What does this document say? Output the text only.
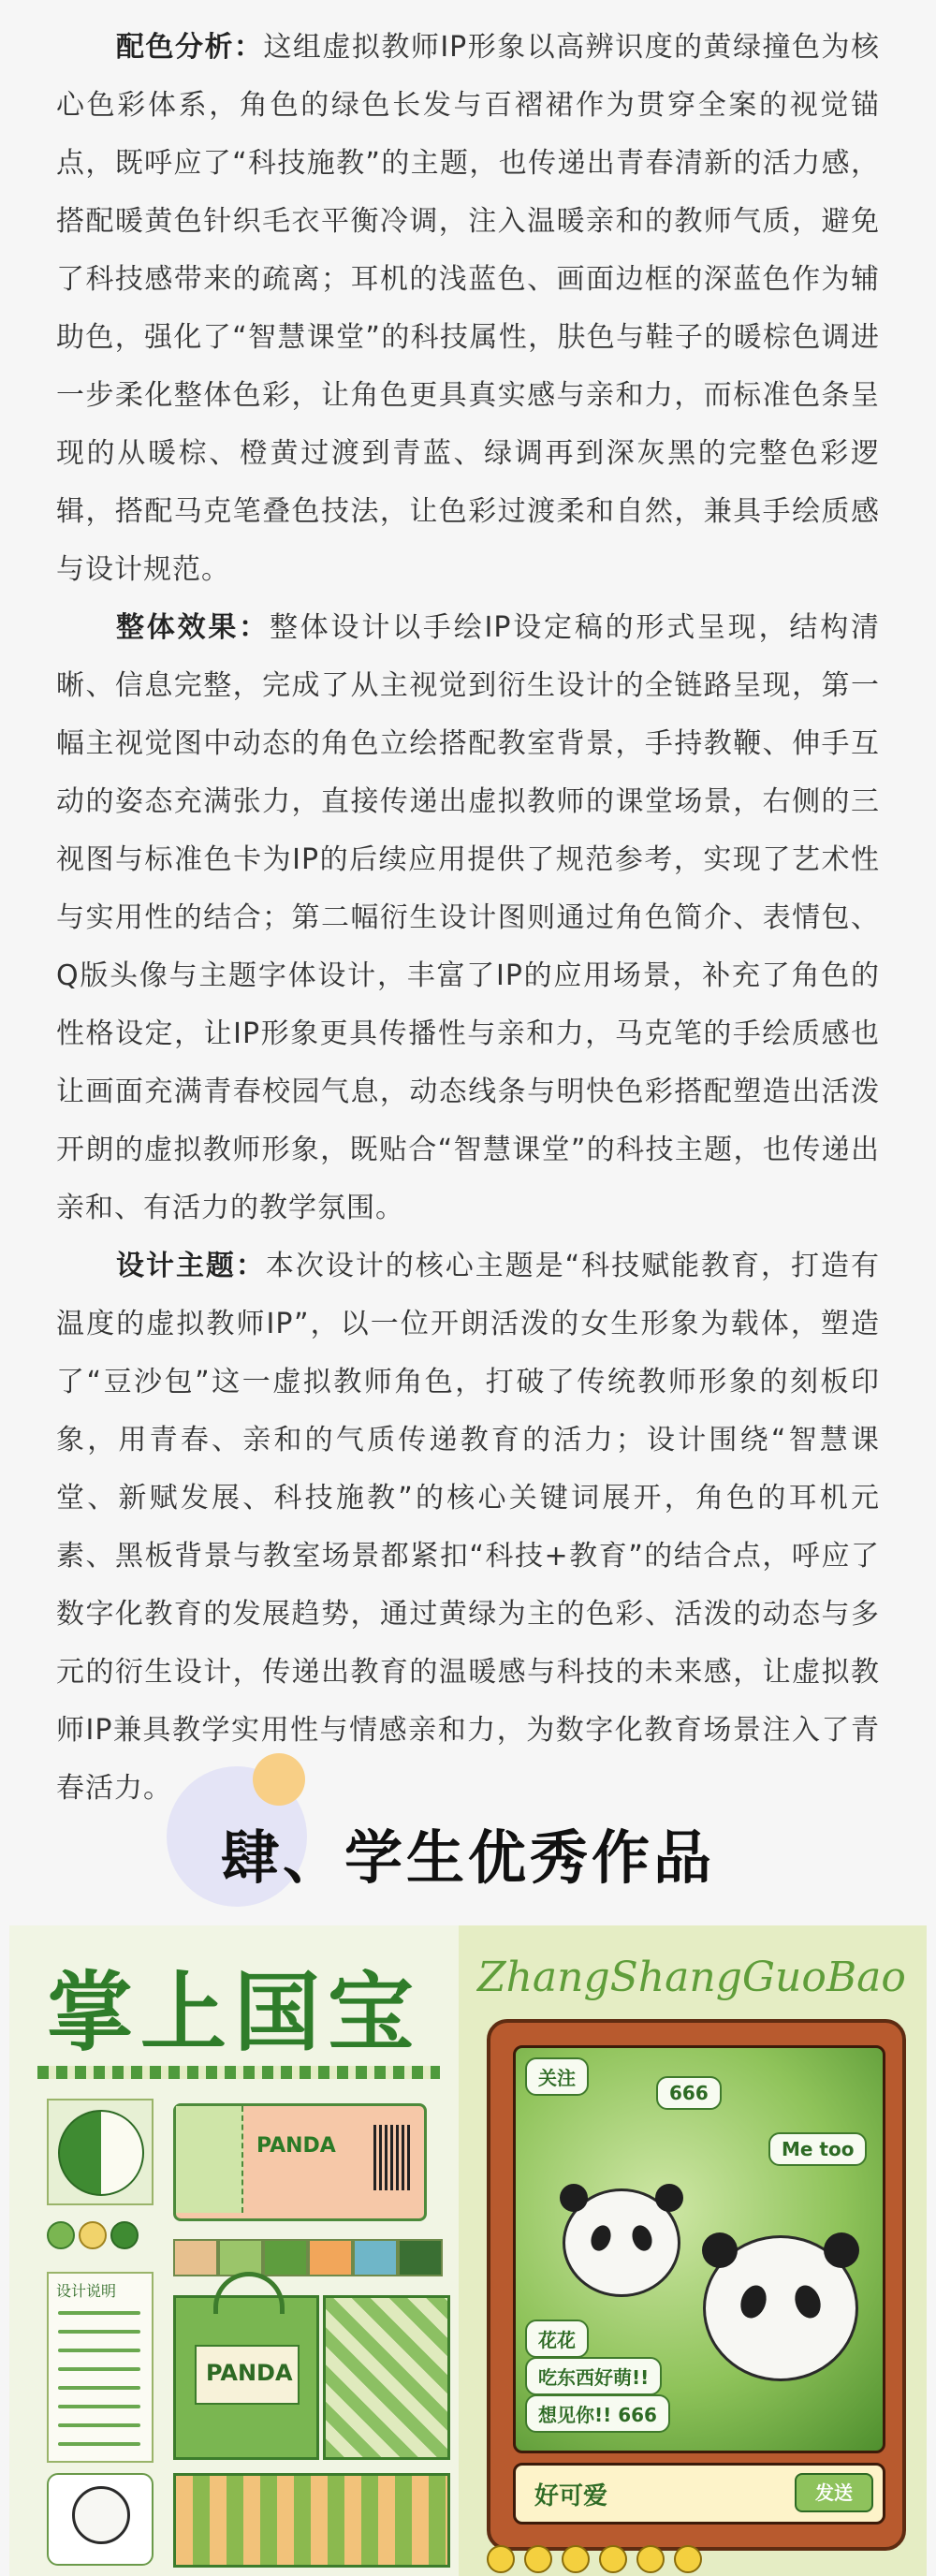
配色分析：这组虚拟教师IP形象以高辨识度的黄绿撞色为核心色彩体系，角色的绿色长发与百褶裙作为贯穿全案的视觉锚点，既呼应了“科技施教”的主题，也传递出青春清新的活力感，搭配暖黄色针织毛衣平衡冷调，注入温暖亲和的教师气质，避免了科技感带来的疏离；耳机的浅蓝色、画面边框的深蓝色作为辅助色，强化了“智慧课堂”的科技属性，肤色与鞋子的暖棕色调进一步柔化整体色彩，让角色更具真实感与亲和力，而标准色条呈现的从暖棕、橙黄过渡到青蓝、绿调再到深灰黑的完整色彩逻辑，搭配马克笔叠色技法，让色彩过渡柔和自然，兼具手绘质感与设计规范。

整体效果：整体设计以手绘IP设定稿的形式呈现，结构清晰、信息完整，完成了从主视觉到衍生设计的全链路呈现，第一幅主视觉图中动态的角色立绘搭配教室背景，手持教鞭、伸手互动的姿态充满张力，直接传递出虚拟教师的课堂场景，右侧的三视图与标准色卡为IP的后续应用提供了规范参考，实现了艺术性与实用性的结合；第二幅衍生设计图则通过角色简介、表情包、Q版头像与主题字体设计，丰富了IP的应用场景，补充了角色的性格设定，让IP形象更具传播性与亲和力，马克笔的手绘质感也让画面充满青春校园气息，动态线条与明快色彩搭配塑造出活泼开朗的虚拟教师形象，既贴合“智慧课堂”的科技主题，也传递出亲和、有活力的教学氛围。

设计主题：本次设计的核心主题是“科技赋能教育，打造有温度的虚拟教师IP”，以一位开朗活泼的女生形象为载体，塑造了“豆沙包”这一虚拟教师角色，打破了传统教师形象的刻板印象，用青春、亲和的气质传递教育的活力；设计围绕“智慧课堂、新赋发展、科技施教”的核心关键词展开，角色的耳机元素、黑板背景与教室场景都紧扣“科技+教育”的结合点，呼应了数字化教育的发展趋势，通过黄绿为主的色彩、活泼的动态与多元的衍生设计，传递出教育的温暖感与科技的未来感，让虚拟教师IP兼具教学实用性与情感亲和力，为数字化教育场景注入了青春活力。

肆、学生优秀作品
掌上国宝
PANDA
设计说明
PANDA
ZhangShangGuoBao
关注
666
Me too
花花
吃东西好萌!!
想见你!! 666
好可爱	发送
